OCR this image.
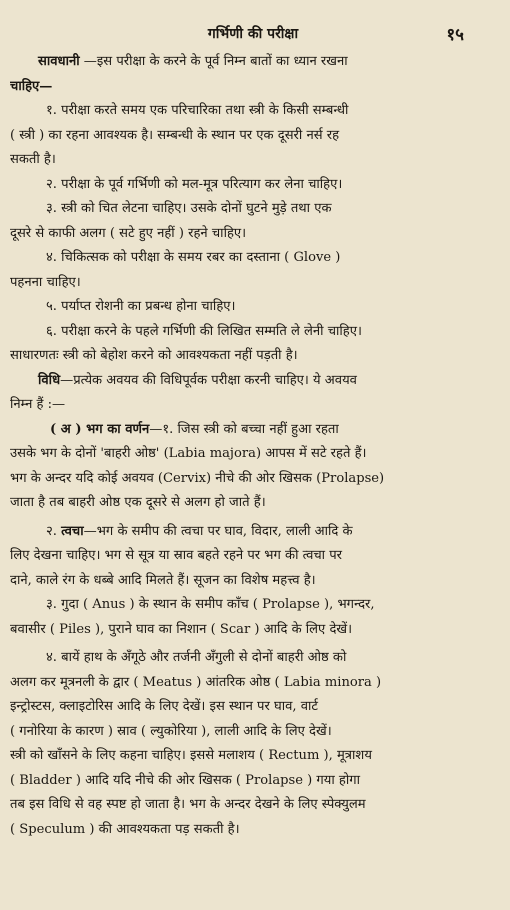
गर्भिणी की परीक्षा	१५
सावधानी —इस परीक्षा के करने के पूर्व निम्न बातों का ध्यान रखना
चाहिए—
१. परीक्षा करते समय एक परिचारिका तथा स्त्री के किसी सम्बन्धी
( स्त्री ) का रहना आवश्यक है। सम्बन्धी के स्थान पर एक दूसरी नर्स रह
सकती है।
२. परीक्षा के पूर्व गर्भिणी को मल-मूत्र परित्याग कर लेना चाहिए।
३. स्त्री को चित लेटना चाहिए। उसके दोनों घुटने मुड़े तथा एक
दूसरे से काफी अलग ( सटे हुए नहीं ) रहने चाहिए।
४. चिकित्सक को परीक्षा के समय रबर का दस्ताना ( Glove )
पहनना चाहिए।
५. पर्याप्त रोशनी का प्रबन्ध होना चाहिए।
६. परीक्षा करने के पहले गर्भिणी की लिखित सम्मति ले लेनी चाहिए।
साधारणतः स्त्री को बेहोश करने को आवश्यकता नहीं पड़ती है।
विधि—प्रत्येक अवयव की विधिपूर्वक परीक्षा करनी चाहिए। ये अवयव
निम्न हैं :—
( अ ) भग का वर्णन—१. जिस स्त्री को बच्चा नहीं हुआ रहता
उसके भग के दोनों 'बाहरी ओष्ठ' (Labia majora) आपस में सटे रहते हैं।
भग के अन्दर यदि कोई अवयव (Cervix) नीचे की ओर खिसक (Prolapse)
जाता है तब बाहरी ओष्ठ एक दूसरे से अलग हो जाते हैं।
२. त्वचा—भग के समीप की त्वचा पर घाव, विदार, लाली आदि के
लिए देखना चाहिए। भग से सूत्र या स्राव बहते रहने पर भग की त्वचा पर
दाने, काले रंग के धब्बे आदि मिलते हैं। सूजन का विशेष महत्त्व है।
३. गुदा ( Anus ) के स्थान के समीप काँच ( Prolapse ), भगन्दर,
बवासीर ( Piles ), पुराने घाव का निशान ( Scar ) आदि के लिए देखें।
४. बायें हाथ के अँगूठे और तर्जनी अँगुली से दोनों बाहरी ओष्ठ को
अलग कर मूत्रनली के द्वार ( Meatus ) आंतरिक ओष्ठ ( Labia minora )
इन्ट्रोस्टस, क्लाइटोरिस आदि के लिए देखें। इस स्थान पर घाव, वार्ट
( गनोरिया के कारण ) स्राव ( ल्युकोरिया ), लाली आदि के लिए देखें।
स्त्री को खाँसने के लिए कहना चाहिए। इससे मलाशय ( Rectum ), मूत्राशय
( Bladder ) आदि यदि नीचे की ओर खिसक ( Prolapse ) गया होगा
तब इस विधि से वह स्पष्ट हो जाता है। भग के अन्दर देखने के लिए स्पेक्युलम
( Speculum ) की आवश्यकता पड़ सकती है।
